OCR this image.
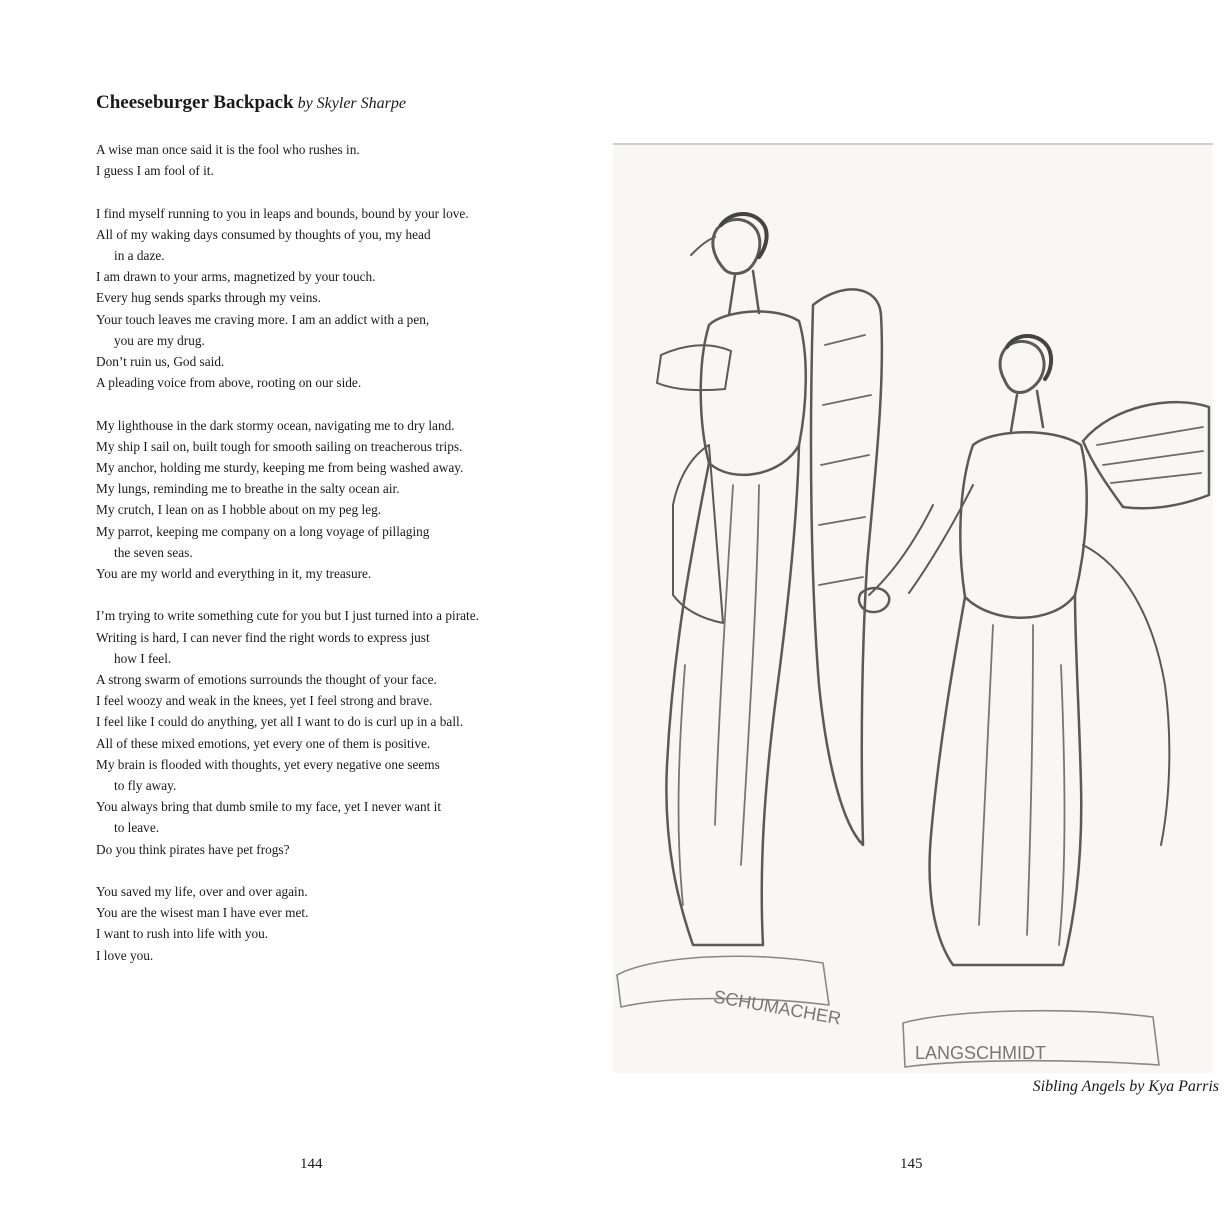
Cheeseburger Backpack by Skyler Sharpe
A wise man once said it is the fool who rushes in.
I guess I am fool of it.
I find myself running to you in leaps and bounds, bound by your love.
All of my waking days consumed by thoughts of you, my head
in a daze.
I am drawn to your arms, magnetized by your touch.
Every hug sends sparks through my veins.
Your touch leaves me craving more. I am an addict with a pen,
you are my drug.
Don’t ruin us, God said.
A pleading voice from above, rooting on our side.
My lighthouse in the dark stormy ocean, navigating me to dry land.
My ship I sail on, built tough for smooth sailing on treacherous trips.
My anchor, holding me sturdy, keeping me from being washed away.
My lungs, reminding me to breathe in the salty ocean air.
My crutch, I lean on as I hobble about on my peg leg.
My parrot, keeping me company on a long voyage of pillaging
the seven seas.
You are my world and everything in it, my treasure.
I’m trying to write something cute for you but I just turned into a pirate.
Writing is hard, I can never find the right words to express just
how I feel.
A strong swarm of emotions surrounds the thought of your face.
I feel woozy and weak in the knees, yet I feel strong and brave.
I feel like I could do anything, yet all I want to do is curl up in a ball.
All of these mixed emotions, yet every one of them is positive.
My brain is flooded with thoughts, yet every negative one seems
to fly away.
You always bring that dumb smile to my face, yet I never want it
to leave.
Do you think pirates have pet frogs?
You saved my life, over and over again.
You are the wisest man I have ever met.
I want to rush into life with you.
I love you.
144
SCHUMACHER
LANGSCHMIDT
Sibling Angels by Kya Parris
145
